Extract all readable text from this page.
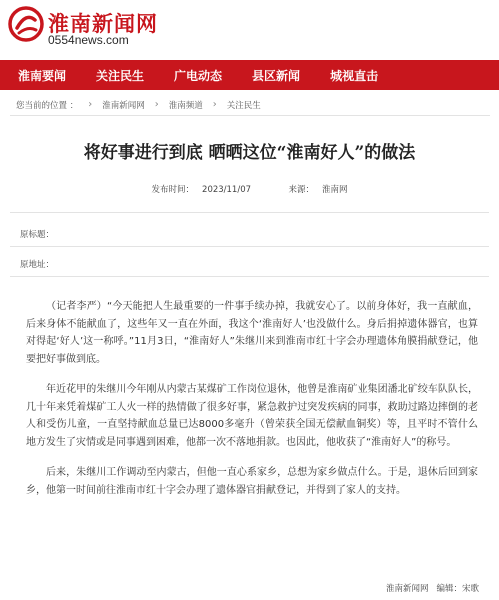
淮南新闻网
0554news.com
淮南要闻	关注民生	广电动态	县区新闻	城视直击
您当前的位置 ： › 淮南新闻网 › 淮南频道 › 关注民生
将好事进行到底 晒晒这位“淮南好人”的做法
发布时间： 2023/11/07	来源： 淮南网
原标题：
原地址：

（记者李严）“今天能把人生最重要的一件事手续办掉，我就安心了。以前身体好，我一直献血，后来身体不能献血了，这些年又一直在外面，我这个‘淮南好人’也没做什么。身后捐掉遗体器官，也算对得起‘好人’这一称呼。”11月3日，“淮南好人”朱继川来到淮南市红十字会办理遗体角膜捐献登记，他要把好事做到底。

年近花甲的朱继川今年刚从内蒙古某煤矿工作岗位退休，他曾是淮南矿业集团潘北矿绞车队队长，几十年来凭着煤矿工人火一样的热情做了很多好事，紧急救护过突发疾病的同事，救助过路边摔倒的老人和受伤儿童，一直坚持献血总量已达8000多毫升（曾荣获全国无偿献血铜奖）等，且平时不管什么地方发生了灾情或是同事遇到困难，他都一次不落地捐款。也因此，他收获了“淮南好人”的称号。

后来，朱继川工作调动至内蒙古，但他一直心系家乡，总想为家乡做点什么。于是，退休后回到家乡，他第一时间前往淮南市红十字会办理了遗体器官捐献登记，并得到了家人的支持。

淮南新闻网 编辑：宋歌
